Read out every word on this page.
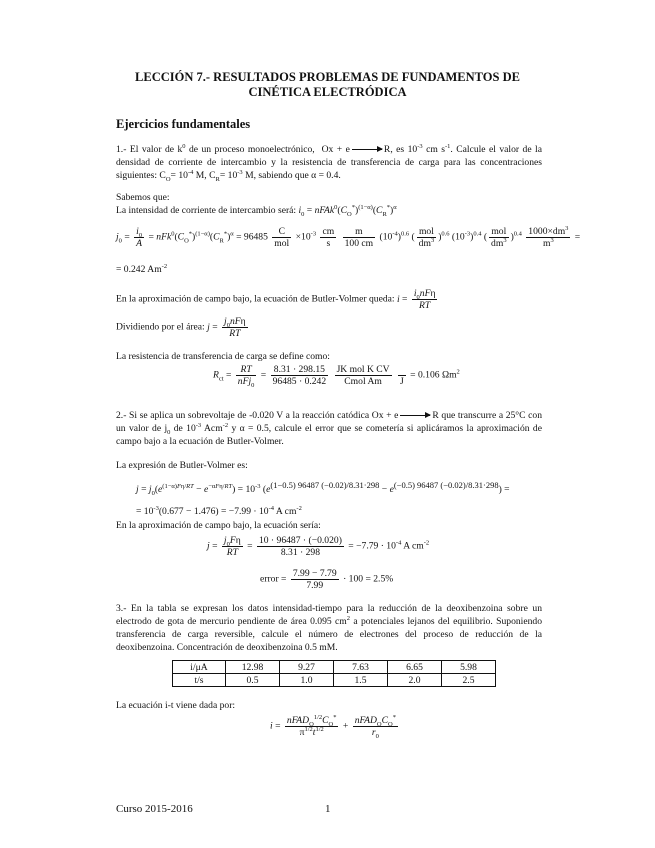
LECCIÓN 7.- RESULTADOS PROBLEMAS DE FUNDAMENTOS DE
CINÉTICA ELECTRÓDICA
Ejercicios fundamentales
1.- El valor de $k^0$ de un proceso monoelectrónico, Ox + e	R, es $10^{-3}$ cm $s^{-1}$. Calcule el valor de la densidad de corriente de intercambio y la resistencia de transferencia de carga para las concentraciones siguientes: $C_O= 10^{-4}$ M, $C_R= 10^{-3}$ M, sabiendo que α = 0.4.
Sabemos que:
La intensidad de corriente de intercambio será: $i_0$ = $nFAk^0(C_O^*)^{(1-\alpha)}(C_R^*)^\alpha$
$j_0 = \frac{i_0}{A} = nFk^0(C_O^*)^{(1-\alpha)}(C_R^*)^\alpha = 96485 \frac{C}{\text{mol}} \times 10^{-3} \frac{cm}{s}$
$\frac{m}{100 cm} (10^{-4})^{0.6}$ ( $\frac{\text{mol}}{dm^3} )^{0.6}$ $(10^{-3})^{0.4}$ ( $\frac{\text{mol}}{dm^3} )^{0.4} \frac{1000\times dm^3}{m^3}$ =
= 0.242 $Am^{-2}$
En la aproximación de campo bajo, la ecuación de Butler-Volmer queda: $i = \frac{i_0nF\eta}{RT}$
Dividiendo por el área: $j = \frac{j_0nF\eta}{RT}$
La resistencia de transferencia de carga se define como:
$R_{ct} = \frac{RT}{nFj_0} = \frac{8.31 \cdot 298.15}{96485 \cdot 0.242}$
$\frac{\text{JK mol K CV}}{\text{Cmol Am}}$

J
= 0.106 $\Omega m^2$
2.- Si se aplica un sobrevoltaje de -0.020 V a la reacción catódica Ox + e	R que transcurre a 25°C con un valor de $j_0$ de $10^{-3}$ Acm$^{-2}$ y α = 0.5, calcule el error que se cometería si aplicáramos la aproximación de campo bajo a la ecuación de Butler-Volmer.
La expresión de Butler-Volmer es:
$j = j_0(e^{(1-\alpha)F\eta/RT} - e^{-\alpha F\eta/RT}) = 10^{-3}$ $(e^{(1-0.5) 96487 (-0.02)/8.31\cdot 298} - e^{(-0.5) 96487 (-0.02)/8.31\cdot 298})$ =
= $10^{-3}(0.677 - 1.476) = -7.99 \cdot 10^{-4}$ A $cm^{-2}$
En la aproximación de campo bajo, la ecuación sería:
$j = \frac{j_0F\eta}{RT} = \frac{10 \cdot 96487 \cdot (-0.020)}{8.31 \cdot 298} = -7.79 \cdot 10^{-4}$ A $cm^{-2}$
error = $\frac{7.99 - 7.79}{7.99} \cdot 100 = 2.5\%$
3.- En la tabla se expresan los datos intensidad-tiempo para la reducción de la deoxibenzoina sobre un electrodo de gota de mercurio pendiente de área 0.095 $cm^2$ a potenciales lejanos del equilibrio. Suponiendo transferencia de carga reversible, calcule el número de electrones del proceso de reducción de la deoxibenzoina. Concentración de deoxibenzoina 0.5 mM.
i/μA	12.98	9.27	7.63	6.65	5.98
t/s	0.5	1.0	1.5	2.0	2.5
La ecuación i-t viene dada por:
$i = \frac{nFAD_O^{1/2}C_O^*}{\pi^{1/2}t^{1/2}} + \frac{nFAD_OC_O^*}{r_0}$
Curso 2015-2016	1
